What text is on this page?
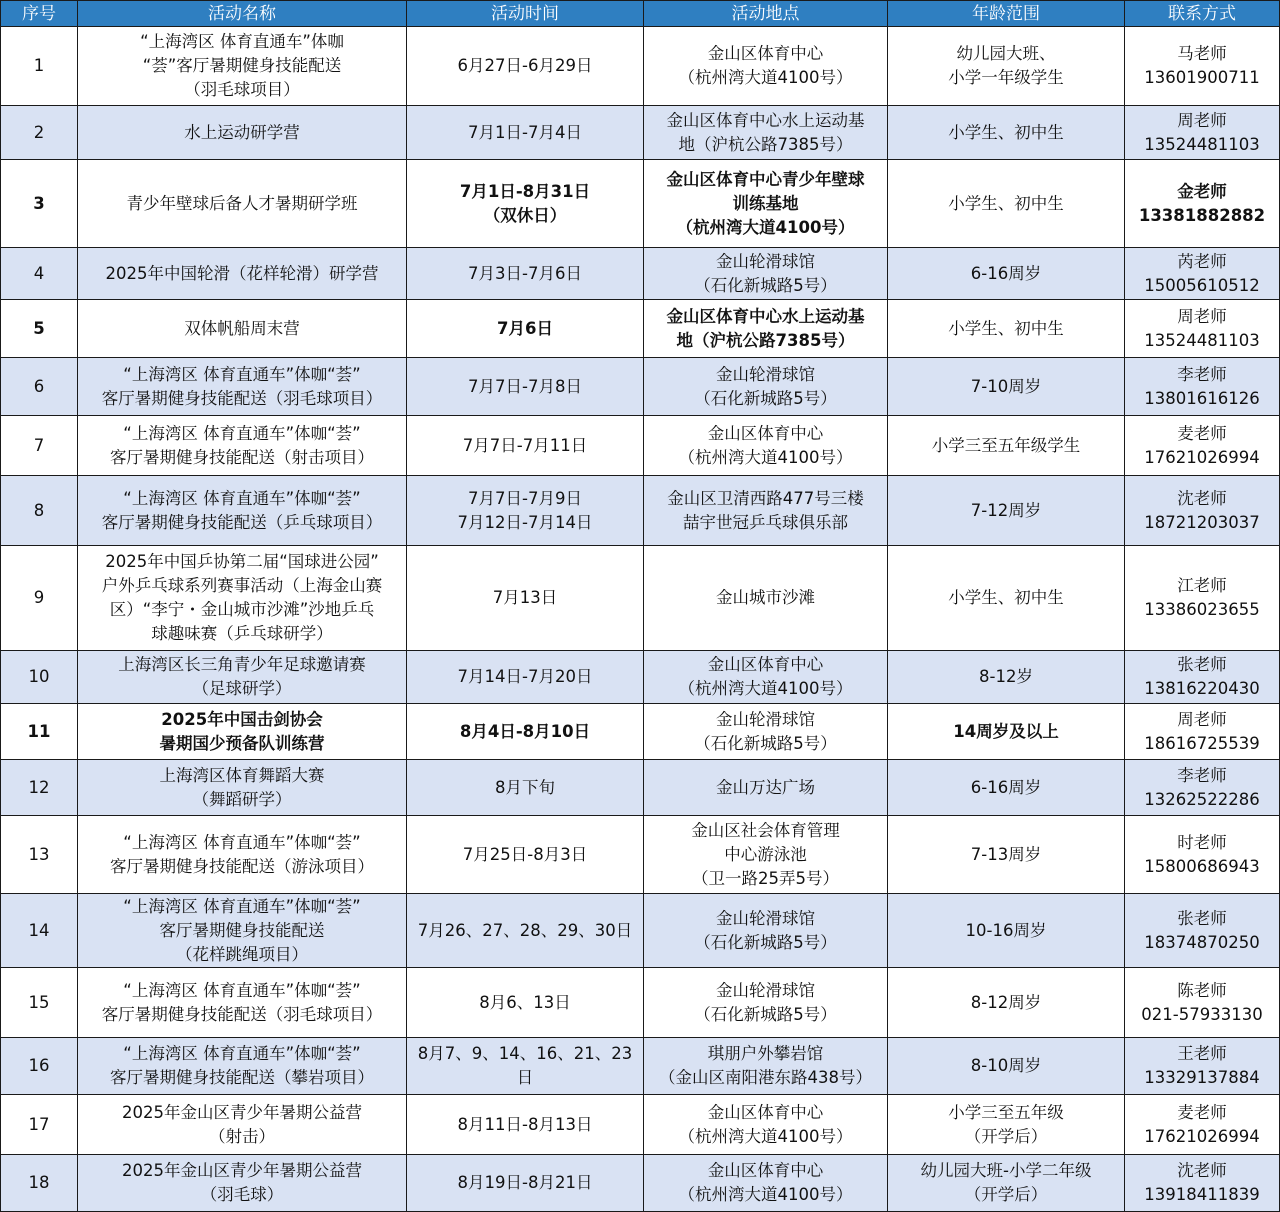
序号	活动名称	活动时间	活动地点	年龄范围	联系方式
1	“上海湾区 体育直通车”体咖
“荟”客厅暑期健身技能配送
（羽毛球项目）	6月27日-6月29日	金山区体育中心
（杭州湾大道4100号）	幼儿园大班、
小学一年级学生	马老师
13601900711

2	水上运动研学营	7月1日-7月4日	金山区体育中心水上运动基
地（沪杭公路7385号）	小学生、初中生	周老师
13524481103

3	青少年壁球后备人才暑期研学班	7月1日-8月31日
（双休日）	金山区体育中心青少年壁球
训练基地
（杭州湾大道4100号）	小学生、初中生	金老师
13381882882

4	2025年中国轮滑（花样轮滑）研学营	7月3日-7月6日	金山轮滑球馆
（石化新城路5号）	6-16周岁	芮老师
15005610512

5	双体帆船周末营	7月6日	金山区体育中心水上运动基
地（沪杭公路7385号）	小学生、初中生	周老师
13524481103

6	“上海湾区 体育直通车”体咖“荟”
客厅暑期健身技能配送（羽毛球项目）	7月7日-7月8日	金山轮滑球馆
（石化新城路5号）	7-10周岁	李老师
13801616126

7	“上海湾区 体育直通车”体咖“荟”
客厅暑期健身技能配送（射击项目）	7月7日-7月11日	金山区体育中心
（杭州湾大道4100号）	小学三至五年级学生	麦老师
17621026994

8	“上海湾区 体育直通车”体咖“荟”
客厅暑期健身技能配送（乒乓球项目）	7月7日-7月9日
7月12日-7月14日	金山区卫清西路477号三楼
喆宇世冠乒乓球俱乐部	7-12周岁	沈老师
18721203037

9	2025年中国乒协第二届“国球进公园”
户外乒乓球系列赛事活动（上海金山赛
区）“李宁・金山城市沙滩”沙地乒乓
球趣味赛（乒乓球研学）	7月13日	金山城市沙滩	小学生、初中生	江老师
13386023655

10	上海湾区长三角青少年足球邀请赛
（足球研学）	7月14日-7月20日	金山区体育中心
（杭州湾大道4100号）	8-12岁	张老师
13816220430

11	2025年中国击剑协会
暑期国少预备队训练营	8月4日-8月10日	金山轮滑球馆
（石化新城路5号）	14周岁及以上	周老师
18616725539

12	上海湾区体育舞蹈大赛
（舞蹈研学）	8月下旬	金山万达广场	6-16周岁	李老师
13262522286

13	“上海湾区 体育直通车”体咖“荟”
客厅暑期健身技能配送（游泳项目）	7月25日-8月3日	金山区社会体育管理
中心游泳池
（卫一路25弄5号）	7-13周岁	时老师
15800686943

14	“上海湾区 体育直通车”体咖“荟”
客厅暑期健身技能配送
（花样跳绳项目）	7月26、27、28、29、30日	金山轮滑球馆
（石化新城路5号）	10-16周岁	张老师
18374870250

15	“上海湾区 体育直通车”体咖“荟”
客厅暑期健身技能配送（羽毛球项目）	8月6、13日	金山轮滑球馆
（石化新城路5号）	8-12周岁	陈老师
021-57933130

16	“上海湾区 体育直通车”体咖“荟”
客厅暑期健身技能配送（攀岩项目）	8月7、9、14、16、21、23
日	琪朋户外攀岩馆
（金山区南阳港东路438号）	8-10周岁	王老师
13329137884

17	2025年金山区青少年暑期公益营
（射击）	8月11日-8月13日	金山区体育中心
（杭州湾大道4100号）	小学三至五年级
（开学后）	麦老师
17621026994

18	2025年金山区青少年暑期公益营
（羽毛球）	8月19日-8月21日	金山区体育中心
（杭州湾大道4100号）	幼儿园大班-小学二年级
（开学后）	沈老师
13918411839
